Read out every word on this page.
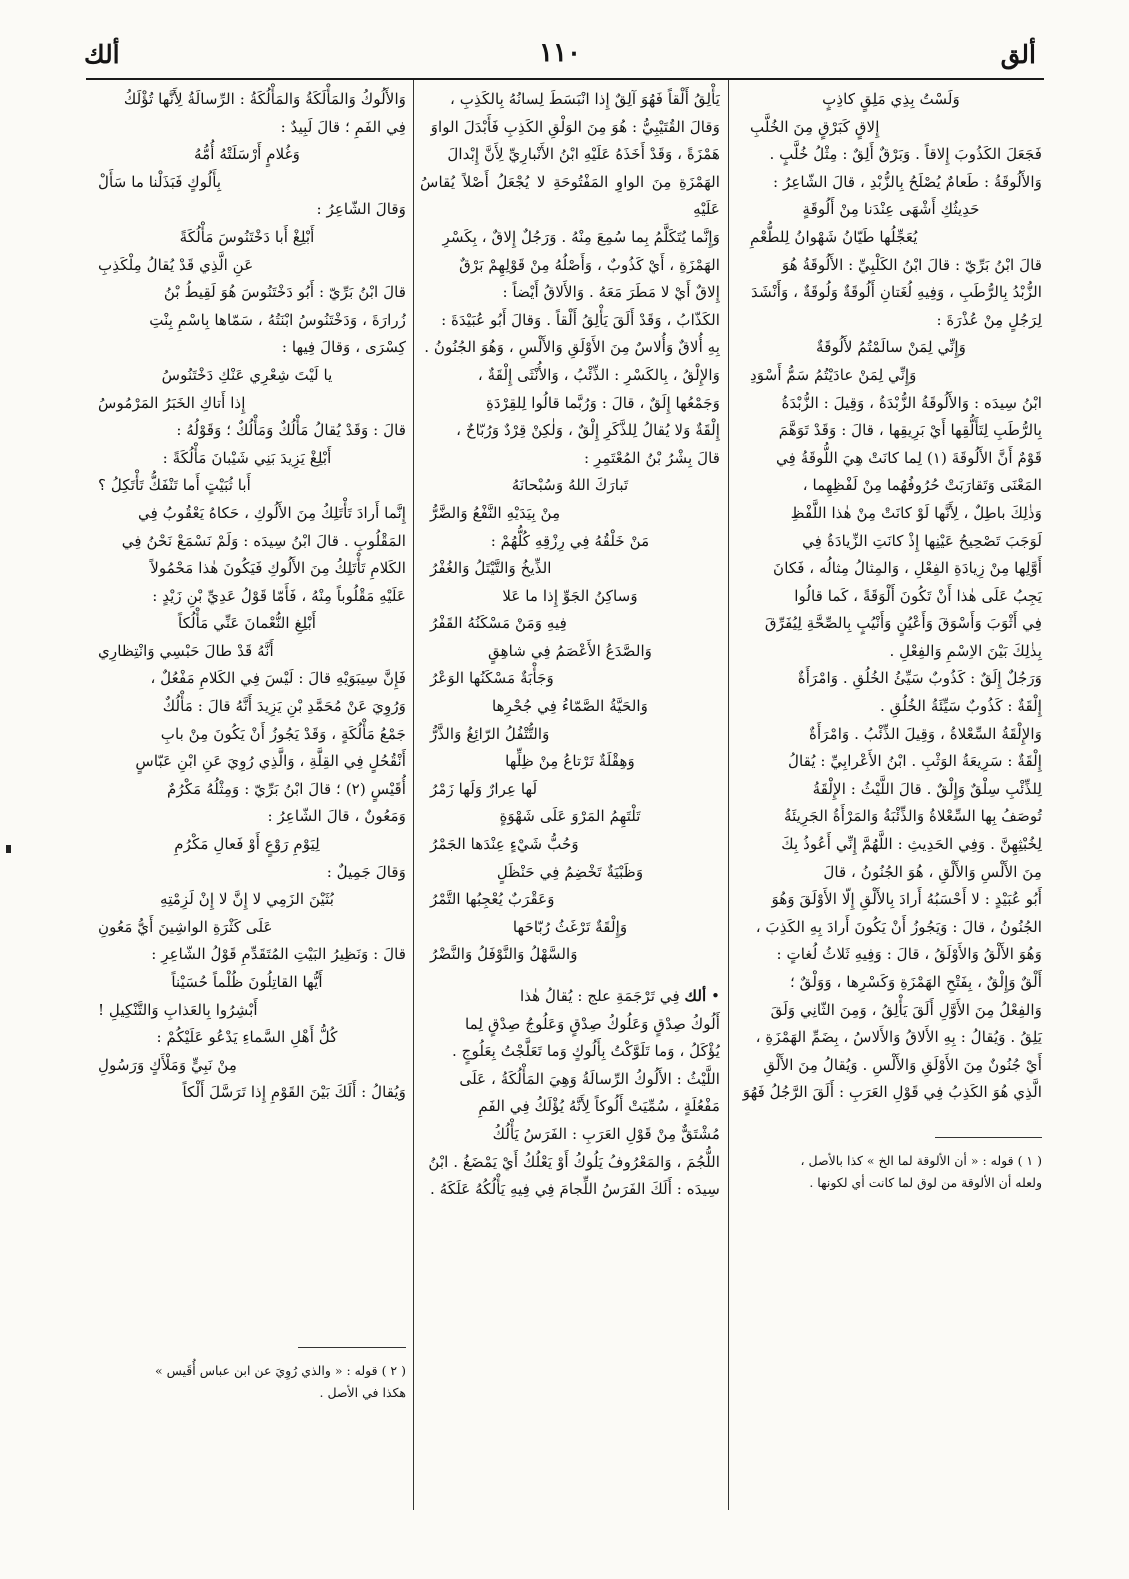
ألق
١١٠
ألك

وَلَسْتُ بِذِي مَلِقٍ كاذِبٍ

إِلاقٍ كَبَرْقٍ مِنَ الخُلَّبِ

فَجَعَلَ الكَذُوبَ إِلاقاً . وَبَرْقٌ أَلِقٌ : مِثْلُ خُلَّبٍ .

وَالأَلُوقَةُ : طَعامٌ يُصْلَحُ بِالزُّبْدِ ، قالَ الشّاعِرُ :

حَدِيثُكِ أَشْهَى عِنْدَنا مِنْ أَلُوقَةٍ

يُعَجِّلُها طَيّانُ شَهْوانُ لِلطُّعْمِ

قالَ ابْنُ بَرِّيّ : قالَ ابْنُ الكَلْبِيِّ : الأَلُوقَةُ هُوَ

الزُّبْدُ بِالرُّطَبِ ، وَفِيهِ لُغَتانِ أَلُوقَةٌ وَلُوقَةٌ ، وَأَنْشَدَ

لِرَجُلٍ مِنْ عُذْرَةَ :

وَإِنِّي لِمَنْ سالَمْتُمُ لأَلُوقَةٌ

وَإِنِّي لِمَنْ عادَيْتُمُ سَمُّ أَسْوَدِ

ابْنُ سِيدَه : وَالأَلُوقَةُ الزُّبْدَةُ ، وَقِيلَ : الزُّبْدَةُ

بِالرُّطَبِ لِتَأَلُّقِها أَيْ بَرِيقِها ، قالَ : وَقَدْ تَوَهَّمَ

قَوْمٌ أَنَّ الأَلُوقَةَ (١) لِما كانَتْ هِيَ اللُّوقَةُ فِي

المَعْنَى وَتَقارَبَتْ حُرُوفُهُما مِنْ لَفْظِهِما ،

وَذٰلِكَ باطِلٌ ، لِأَنَّها لَوْ كانَتْ مِنْ هٰذا اللَّفْظِ

لَوَجَبَ تَصْحِيحُ عَيْنِها إِذْ كانَتِ الزِّيادَةُ فِي

أَوَّلِها مِنْ زِيادَةِ الفِعْلِ ، وَالمِثالُ مِثالُه ، فَكانَ

يَجِبُ عَلَى هٰذا أَنْ تَكُونَ أَلْوَقَةً ، كَما قالُوا

فِي أَثْوَبَ وَأَسْوَقَ وَأَعْيُنٍ وَأَنْيُبٍ بِالصِّحَّةِ لِيُفَرِّقَ

بِذٰلِكَ بَيْنَ الاِسْمِ وَالفِعْلِ .

وَرَجُلٌ إِلَقٌ : كَذُوبٌ سَيِّئُ الخُلُقِ . وَامْرَأَةٌ

إِلْقَةٌ : كَذُوبٌ سَيِّئَةُ الخُلُقِ .

وَالإِلْقَةُ السِّعْلاةُ ، وَقِيلَ الذِّئْبُ . وَامْرَأَةٌ

إِلْقَةٌ : سَرِيعَةُ الوَثْبِ . ابْنُ الأَعْرابِيِّ : يُقالُ

لِلذِّئْبِ سِلْقٌ وَإِلْقٌ . قالَ اللَّيْثُ : الإِلْقَةُ

تُوصَفُ بِها السِّعْلاةُ وَالذِّئْبَةُ وَالمَرْأَةُ الجَرِيئَةُ

لِخُبْثِهِنَّ . وَفِي الحَدِيثِ : اللَّهُمَّ إِنِّي أَعُوذُ بِكَ

مِنَ الأَلْسِ وَالأَلْقِ ، هُوَ الجُنُونُ ، قالَ

أَبُو عُبَيْدٍ : لا أَحْسَبُهُ أَرادَ بِالأَلْقِ إِلّا الأَوْلَقَ وَهُوَ

الجُنُونُ ، قالَ : وَيَجُوزُ أَنْ يَكُونَ أَرادَ بِهِ الكَذِبَ ،

وَهُوَ الأَلْقُ وَالأَوْلَقُ ، قالَ : وَفِيهِ ثَلاثُ لُغاتٍ :

أَلْقٌ وَإِلْقٌ ، بِفَتْحِ الهَمْزَةِ وَكَسْرِها ، وَوَلْقٌ ؛

وَالفِعْلُ مِنَ الأَوَّلِ أَلَقَ يَأْلِقُ ، وَمِنَ الثّانِي وَلَقَ

يَلِقُ . وَيُقالُ : بِهِ الأَلاقُ وَالأَلاسُ ، بِضَمِّ الهَمْزَةِ ،

أَيْ جُنُونٌ مِنَ الأَوْلَقِ وَالأَلْسِ . وَيُقالُ مِنَ الأَلْقِ

الَّذِي هُوَ الكَذِبُ فِي قَوْلِ العَرَبِ : أَلَقَ الرَّجُلُ فَهُوَ

( ١ ) قوله : « أن الألوقة لما الخ » كذا بالأصل ،

ولعله أن الألوقة من لوق لما كانت أي لكونها .

يَأْلِقُ أَلْقاً فَهُوَ آلِقٌ إِذا انْبَسَطَ لِسانُهُ بِالكَذِبِ ،

وَقالَ القُتَيْبِيُّ : هُوَ مِنَ الوَلْقِ الكَذِبِ فَأَبْدَلَ الواوَ

هَمْزَةً ، وَقَدْ أَخَذَهُ عَلَيْهِ ابْنُ الأَنْبارِيِّ لِأَنَّ إِبْدالَ

الهَمْزَةِ مِنَ الواوِ المَفْتُوحَةِ لا يُجْعَلُ أَصْلاً يُقاسُ عَلَيْهِ

وَإِنَّما يُتَكَلَّمُ بِما سُمِعَ مِنْهُ . وَرَجُلٌ إِلاقٌ ، بِكَسْرِ

الهَمْزَةِ ، أَيْ كَذُوبٌ ، وَأَصْلُهُ مِنْ قَوْلِهِمْ بَرْقٌ

إِلاقٌ أَيْ لا مَطَرَ مَعَهُ . وَالأَلاقُ أَيْضاً :

الكَذّابُ ، وَقَدْ أَلَقَ يَأْلِقُ أَلْقاً . وَقالَ أَبُو عُبَيْدَةَ :

بِهِ أُلاقٌ وَأُلاسٌ مِنَ الأَوْلَقِ وَالأَلْسِ ، وَهُوَ الجُنُونُ .

وَالإِلْقُ ، بِالكَسْرِ : الذِّئْبُ ، وَالأُنْثَى إِلْقَةٌ ،

وَجَمْعُها إِلَقٌ ، قالَ : وَرُبَّما قالُوا لِلقِرْدَةِ

إِلْقَةٌ وَلا يُقالُ لِلذَّكَرِ إِلْقٌ ، وَلٰكِنْ قِرْدٌ وَرُبّاحٌ ،

قالَ بِشْرُ بْنُ المُعْتَمِرِ :

تَبارَكَ اللهُ وَسُبْحانَهُ

مِنْ بِيَدَيْهِ النَّفْعُ وَالضَّرُّ

مَنْ خَلْقُهُ فِي رِزْقِهِ كُلُّهُمْ :

الذِّيخُ وَالتَّيْتَلُ وَالغُفْرُ

وَساكِنُ الجَوِّ إِذا ما عَلا

فِيهِ وَمَنْ مَسْكَنُهُ القَفْرُ

وَالصَّدَعُ الأَعْصَمُ فِي شاهِقٍ

وَجَأْبَةٌ مَسْكَنُها الوَعْرُ

وَالحَيَّةُ الصَّمّاءُ فِي جُحْرِها

وَالتُّتْفُلُ الرّائِغُ وَالذَّرُّ

وَهِقْلَةٌ تَرْتاعُ مِنْ ظِلِّها

لَها عِرارٌ وَلَها زَمْرُ

تَلْتَهِمُ المَرْوَ عَلَى شَهْوَةٍ

وَحُبُّ شَيْءٍ عِنْدَها الجَمْرُ

وَظَبْيَةٌ تَخْضِمُ فِي حَنْظَلٍ

وَعَقْرَبٌ يُعْجِبُها التَّمْرُ

وَإِلْقَةٌ تَرْغَثُ رُبّاحَها

وَالسَّهْلُ وَالنَّوْفَلُ وَالنَّضْرُ

• ألك فِي تَرْجَمَةِ علج : يُقالُ هٰذا

أَلُوكُ صِدْقٍ وَعَلُوكُ صِدْقٍ وَعَلُوجُ صِدْقٍ لِما

يُؤْكَلُ ، وَما تَلَوَّكْتُ بِأَلُوكٍ وَما تَعَلَّجْتُ بِعَلُوجٍ .

اللَّيْثُ : الأَلُوكُ الرِّسالَةُ وَهِيَ المَأْلُكَةُ ، عَلَى

مَفْعُلَةٍ ، سُمِّيَتْ أَلُوكاً لِأَنَّهُ يُؤْلَكُ فِي الفَمِ

مُشْتَقٌّ مِنْ قَوْلِ العَرَبِ : الفَرَسُ يَأْلُكُ

اللُّجُمَ ، وَالمَعْرُوفُ يَلُوكُ أَوْ يَعْلُكُ أَيْ يَمْضَغُ . ابْنُ

سِيدَه : أَلَكَ الفَرَسُ اللِّجامَ فِي فِيهِ يَأْلُكُهُ عَلَكَهُ .

وَالأَلُوكُ وَالمَأْلَكَةُ وَالمَأْلُكَةُ : الرِّسالَةُ لِأَنَّها تُؤْلَكُ

فِي الفَمِ ؛ قالَ لَبِيدٌ :

وَغُلامٍ أَرْسَلَتْهُ أُمُّهُ

بِأَلُوكٍ فَبَذَلْنا ما سَأَلْ

وَقالَ الشّاعِرُ :

أَبْلِغْ أَبا دَخْتَنُوسَ مَأْلُكَةً

عَنِ الَّذِي قَدْ يُقالُ مِلْكَذِبِ

قالَ ابْنُ بَرِّيّ : أَبُو دَخْتَنُوسَ هُوَ لَقِيطُ بْنُ

زُرارَةَ ، وَدَخْتَنُوسُ ابْنَتُهُ ، سَمّاها بِاسْمِ بِنْتِ

كِسْرَى ، وَقالَ فِيها :

يا لَيْتَ شِعْرِي عَنْكِ دَخْتَنُوسُ

إِذا أَتاكِ الخَبَرُ المَرْمُوسُ

قالَ : وَقَدْ يُقالُ مَأْلُكٌ وَمَأْلُكٌ ؛ وَقَوْلُهُ :

أَبْلِغْ يَزِيدَ بَنِي شَيْبانَ مَأْلُكَةً :

أَبا ثُبَيْتٍ أَما تَنْفَكُّ تَأْتَكِلُ ؟

إِنَّما أَرادَ تَأْتَلِكُ مِنَ الأَلُوكِ ، حَكاهُ يَعْقُوبُ فِي

المَقْلُوبِ . قالَ ابْنُ سِيدَه : وَلَمْ نَسْمَعْ نَحْنُ فِي

الكَلامِ تَأْتَلِكُ مِنَ الأَلُوكِ فَيَكُونَ هٰذا مَحْمُولاً

عَلَيْهِ مَقْلُوباً مِنْهُ ، فَأَمّا قَوْلُ عَدِيِّ بْنِ زَيْدٍ :

أَبْلِغِ النُّعْمانَ عَنِّي مَأْلُكاً

أَنَّهُ قَدْ طالَ حَبْسِي وَانْتِظارِي

فَإِنَّ سِيبَوَيْهِ قالَ : لَيْسَ فِي الكَلامِ مَفْعُلٌ ،

وَرُوِيَ عَنْ مُحَمَّدِ بْنِ يَزِيدَ أَنَّهُ قالَ : مَأْلُكٌ

جَمْعُ مَأْلُكَةٍ ، وَقَدْ يَجُوزُ أَنْ يَكُونَ مِنْ بابِ

أَنْقُحُلٍ فِي القِلَّةِ ، وَالَّذِي رُوِيَ عَنِ ابْنِ عَبّاسٍ

أُقَيْسٍ (٢) ؛ قالَ ابْنُ بَرِّيّ : وَمِثْلُهُ مَكْرُمٌ

وَمَعُونٌ ، قالَ الشّاعِرُ :

لِيَوْمِ رَوْعٍ أَوْ فَعالِ مَكْرُمِ

وَقالَ جَمِيلٌ :

بُثَيْنَ الزَمِي لا إِنَّ لا إِنْ لَزِمْتِهِ

عَلَى كَثْرَةِ الواشِينَ أَيُّ مَعُونِ

قالَ : وَنَظِيرُ البَيْتِ المُتَقَدِّمِ قَوْلُ الشّاعِرِ :

أَيُّها القاتِلُونَ ظُلْماً حُسَيْناً

أَبْشِرُوا بِالعَذابِ وَالتَّنْكِيلِ !

كُلُّ أَهْلِ السَّماءِ يَدْعُو عَلَيْكُمْ :

مِنْ نَبِيٍّ وَمَلْأَكٍ وَرَسُولِ

وَيُقالُ : أَلَكَ بَيْنَ القَوْمِ إِذا تَرَسَّلَ أَلْكاً

( ٢ ) قوله : « والذي رُوِيَ عن ابن عباس أُقَيس »

هكذا في الأصل .
